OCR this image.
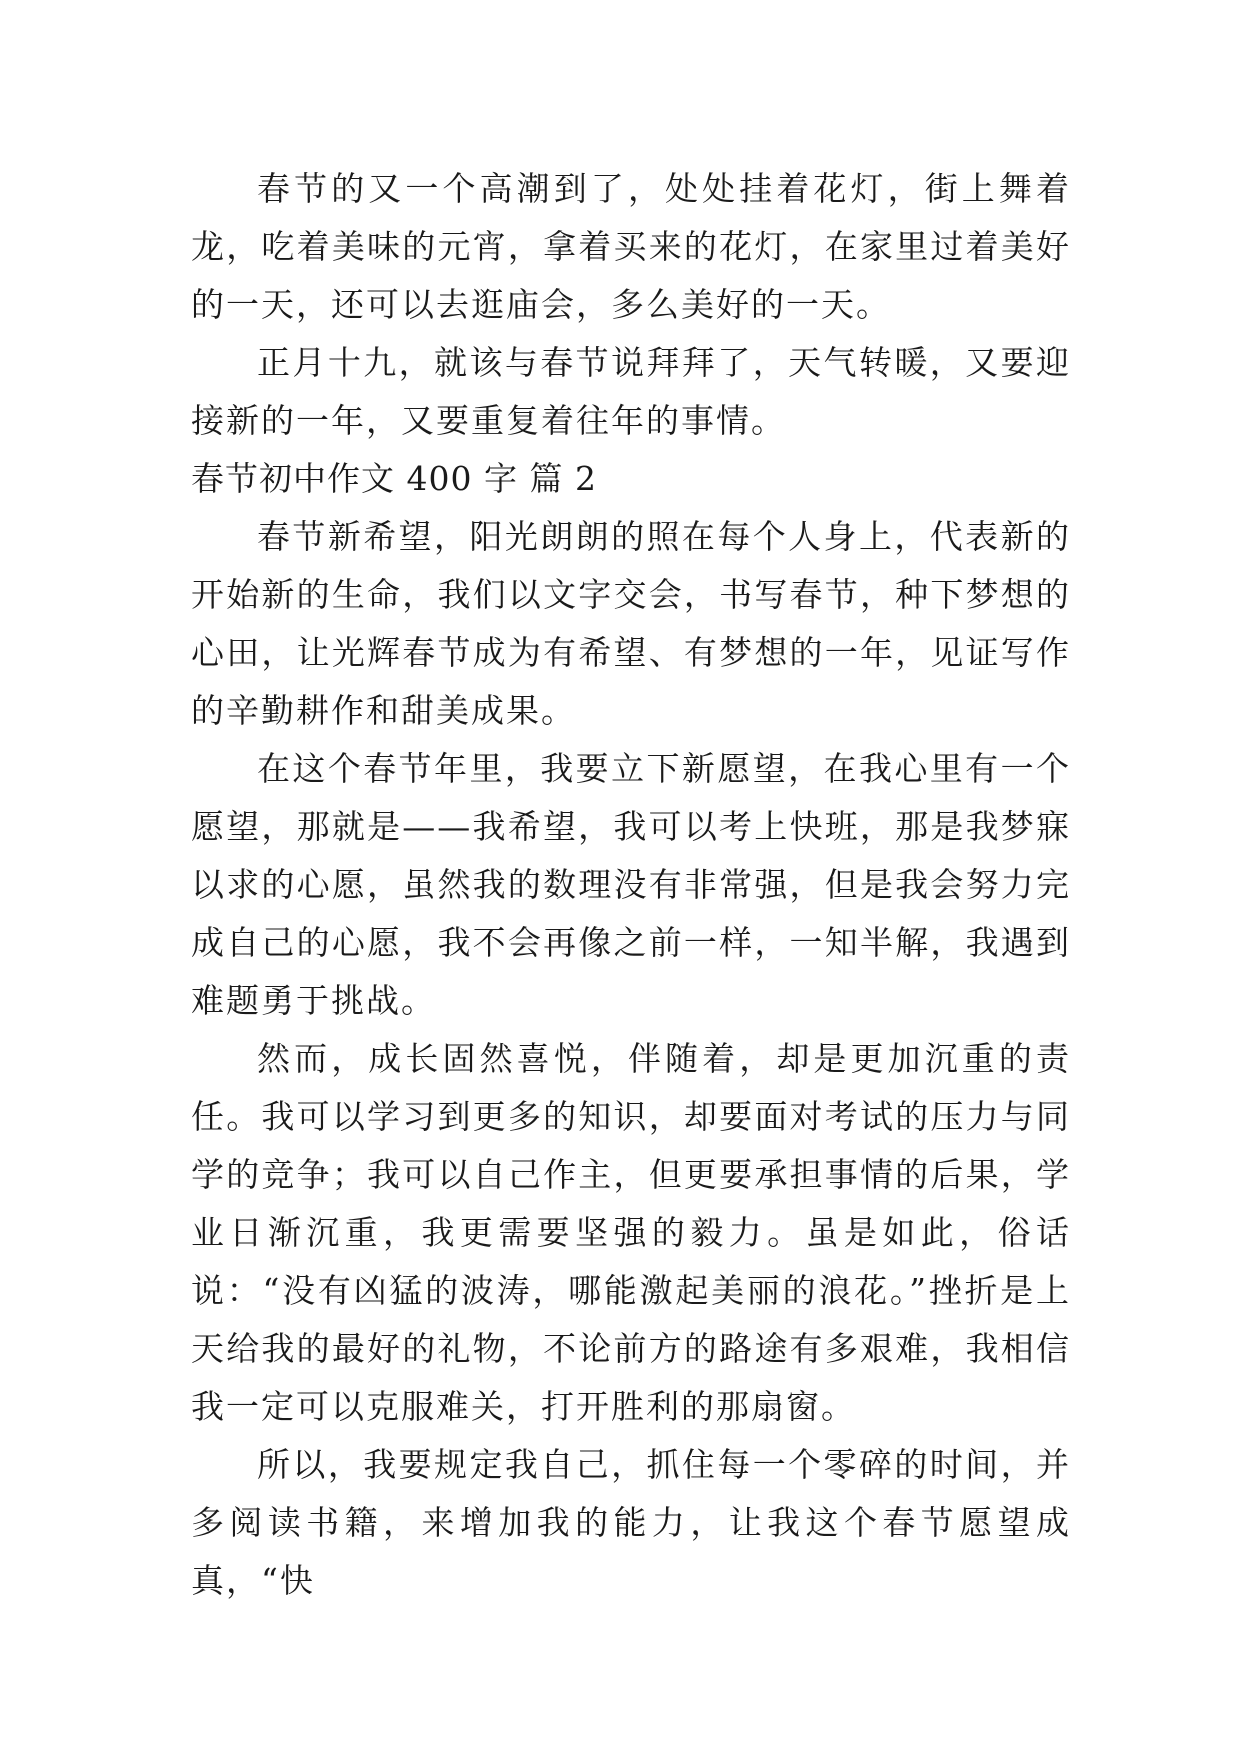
春节的又一个高潮到了，处处挂着花灯，街上舞着龙，吃着美味的元宵，拿着买来的花灯，在家里过着美好的一天，还可以去逛庙会，多么美好的一天。

正月十九，就该与春节说拜拜了，天气转暖，又要迎接新的一年，又要重复着往年的事情。

春节初中作文 400 字 篇 2

春节新希望，阳光朗朗的照在每个人身上，代表新的开始新的生命，我们以文字交会，书写春节，种下梦想的心田，让光辉春节成为有希望、有梦想的一年，见证写作的辛勤耕作和甜美成果。

在这个春节年里，我要立下新愿望，在我心里有一个愿望，那就是——我希望，我可以考上快班，那是我梦寐以求的心愿，虽然我的数理没有非常强，但是我会努力完成自己的心愿，我不会再像之前一样，一知半解，我遇到难题勇于挑战。

然而，成长固然喜悦，伴随着，却是更加沉重的责任。我可以学习到更多的知识，却要面对考试的压力与同学的竞争；我可以自己作主，但更要承担事情的后果，学业日渐沉重，我更需要坚强的毅力。虽是如此，俗话说：“没有凶猛的波涛，哪能激起美丽的浪花。”挫折是上天给我的最好的礼物，不论前方的路途有多艰难，我相信我一定可以克服难关，打开胜利的那扇窗。

所以，我要规定我自己，抓住每一个零碎的时间，并多阅读书籍，来增加我的能力，让我这个春节愿望成真，“快
